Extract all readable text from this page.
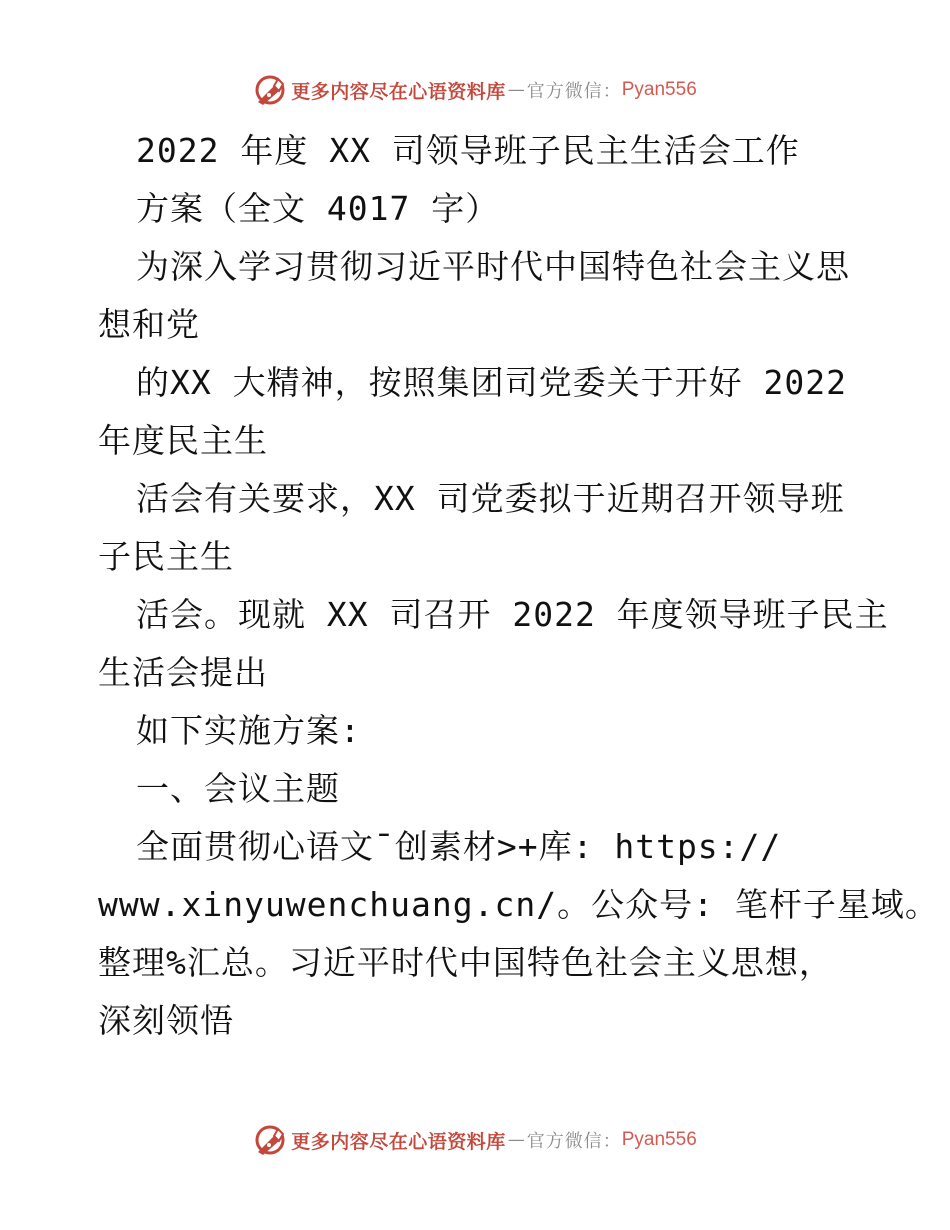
更多内容尽在心语资料库 — 官方微信： Pyan556
2022 年度 XX 司领导班子民主生活会工作
方案（全文 4017 字）
为深入学习贯彻习近平时代中国特色社会主义思
想和党
的XX 大精神，按照集团司党委关于开好 2022
年度民主生
活会有关要求，XX 司党委拟于近期召开领导班
子民主生
活会。现就 XX 司召开 2022 年度领导班子民主
生活会提出
如下实施方案:
一、会议主题
全面贯彻心语文¯创素材>+库: https://
www.xinyuwenchuang.cn/。公众号: 笔杆子星域。
整理%汇总。习近平时代中国特色社会主义思想，
深刻领悟
更多内容尽在心语资料库 — 官方微信： Pyan556
